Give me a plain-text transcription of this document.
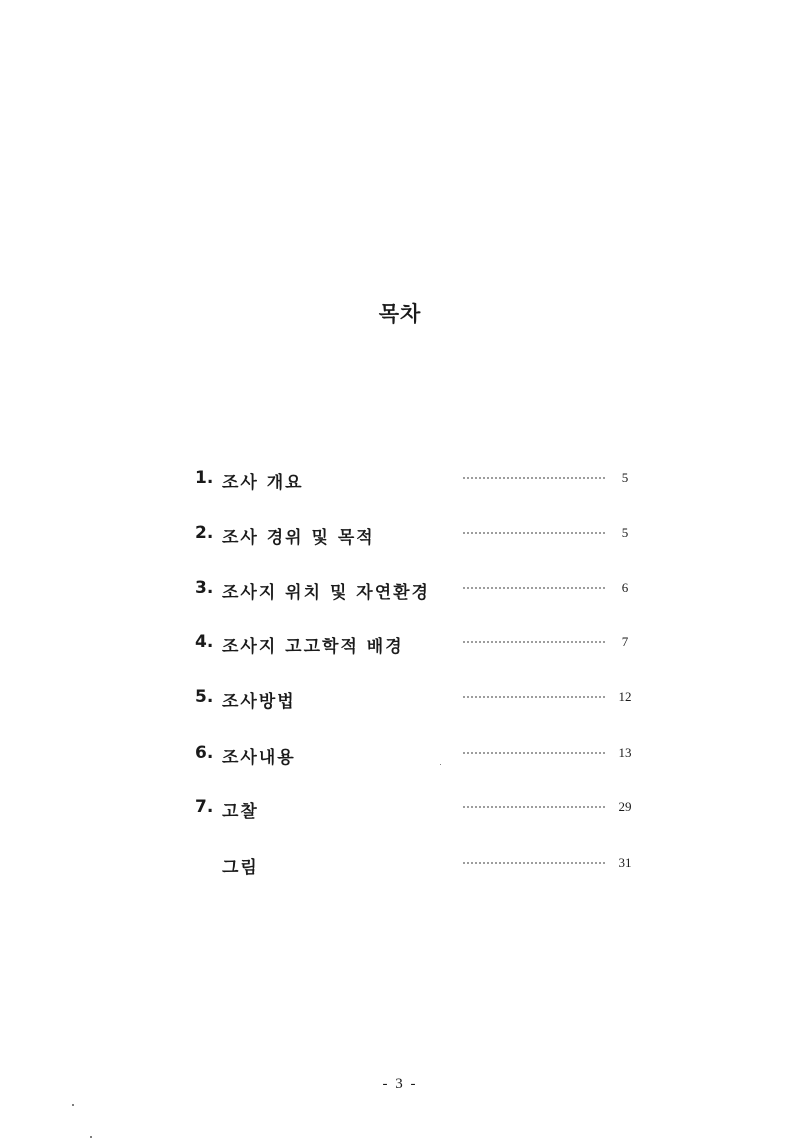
목차
1. 조사 개요	5
2. 조사 경위 및 목적	5
3. 조사지 위치 및 자연환경	6
4. 조사지 고고학적 배경	7
5. 조사방법	12
6. 조사내용	13
7. 고찰	29
그림	31
- 3 -
